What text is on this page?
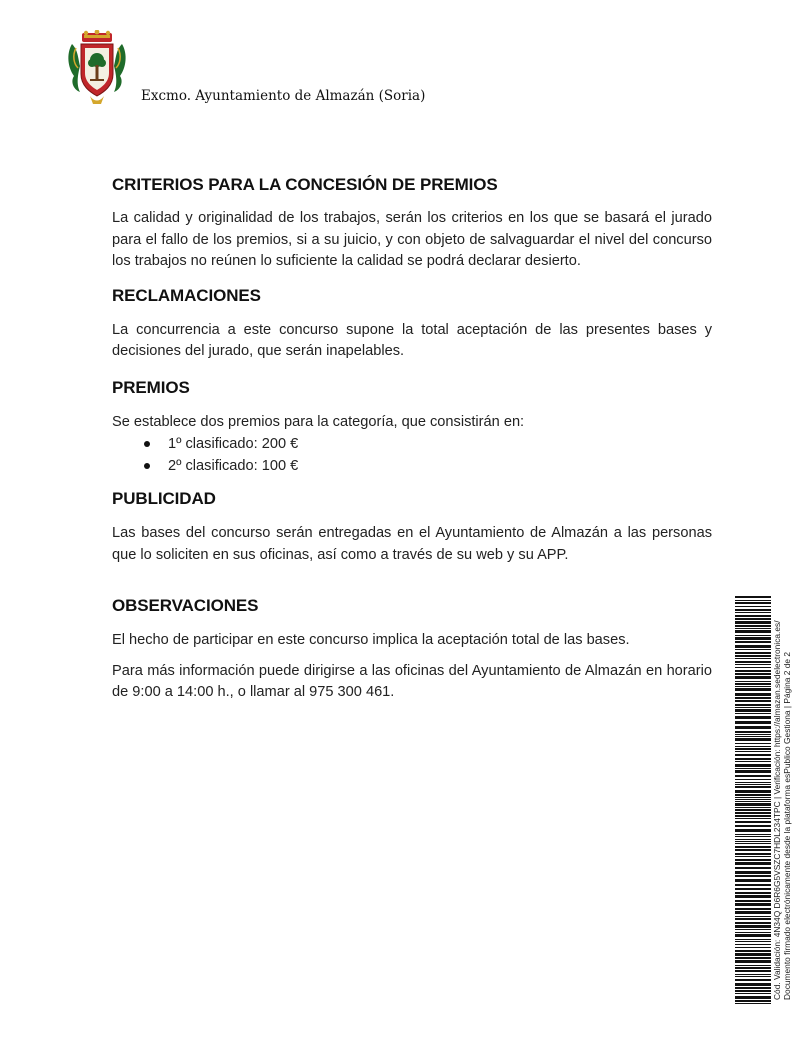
Excmo. Ayuntamiento de Almazán (Soria)
CRITERIOS PARA LA CONCESIÓN DE PREMIOS

La calidad y originalidad de los trabajos, serán los criterios en los que se basará el jurado para el fallo de los premios, si a su juicio, y con objeto de salvaguardar el nivel del concurso los trabajos no reúnen lo suficiente la calidad se podrá declarar desierto.

RECLAMACIONES

La concurrencia a este concurso supone la total aceptación de las presentes bases y decisiones del jurado, que serán inapelables.

PREMIOS

Se establece dos premios para la categoría, que consistirán en:

1º clasificado: 200 €
2º clasificado: 100 €
PUBLICIDAD

Las bases del concurso serán entregadas en el Ayuntamiento de Almazán a las personas que lo soliciten en sus oficinas, así como a través de su web y su APP.

OBSERVACIONES

El hecho de participar en este concurso implica la aceptación total de las bases.

Para más información puede dirigirse a las oficinas del Ayuntamiento de Almazán en horario de 9:00 a 14:00 h., o llamar al 975 300 461.	Cód. Validación: 4N34Q D6R6G5VSZC7HDL234TPC | Verificación: https://almazan.sedelectronica.es/ Documento firmado electrónicamente desde la plataforma esPublico Gestiona | Página 2 de 2
